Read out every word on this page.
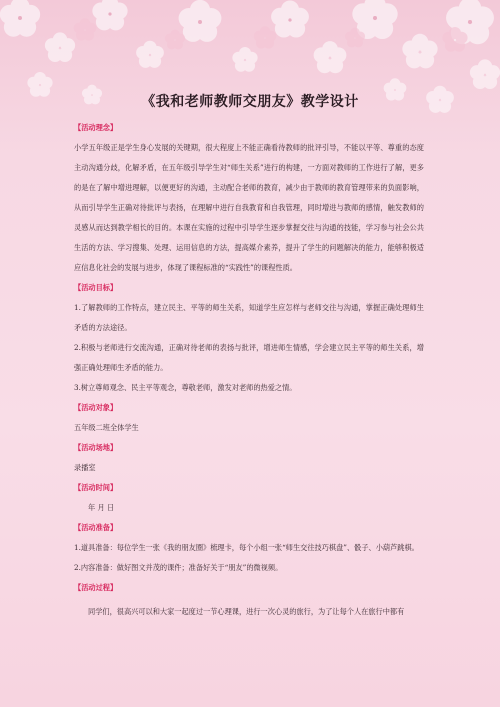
《我和老师教师交朋友》教学设计
【活动理念】

小学五年级正是学生身心发展的关键期，很大程度上不能正确看待教师的批评引导，不能以平等、尊重的态度主动沟通分歧，化解矛盾，在五年级引导学生对“师生关系”进行的构建，一方面对教师的工作进行了解，更多的是在了解中增进理解，以便更好的沟通，主动配合老师的教育，减少由于教师的教育管理带来的负面影响，从而引导学生正确对待批评与表扬，在理解中进行自我教育和自我管理，同时增进与教师的感情，触发教师的灵感从而达到教学相长的目的。本课在实施的过程中引导学生逐步掌握交往与沟通的技能，学习参与社会公共生活的方法、学习搜集、处理、运用信息的方法，提高媒介素养，提升了学生的问题解决的能力，能够积极适应信息化社会的发展与进步，体现了课程标准的“实践性”的课程性质。

【活动目标】

1.了解教师的工作特点，建立民主、平等的师生关系，知道学生应怎样与老师交往与沟通，掌握正确处理师生矛盾的方法途径。

2.积极与老师进行交流沟通，正确对待老师的表扬与批评，增进师生情感，学会建立民主平等的师生关系，增强正确处理师生矛盾的能力。

3.树立尊师观念、民主平等观念，尊敬老师，激发对老师的热爱之情。

【活动对象】

五年级二班全体学生

【活动场地】

录播室

【活动时间】

年 月 日

【活动准备】

1.道具准备：每位学生一张《我的朋友圈》梳理卡，每个小组一张“师生交往技巧棋盘”、骰子、小葫芦跳棋。

2.内容准备：做好图文并茂的课件；准备好关于“朋友”的微视频。

【活动过程】

同学们，很高兴可以和大家一起度过一节心理课，进行一次心灵的旅行，为了让每个人在旅行中都有
